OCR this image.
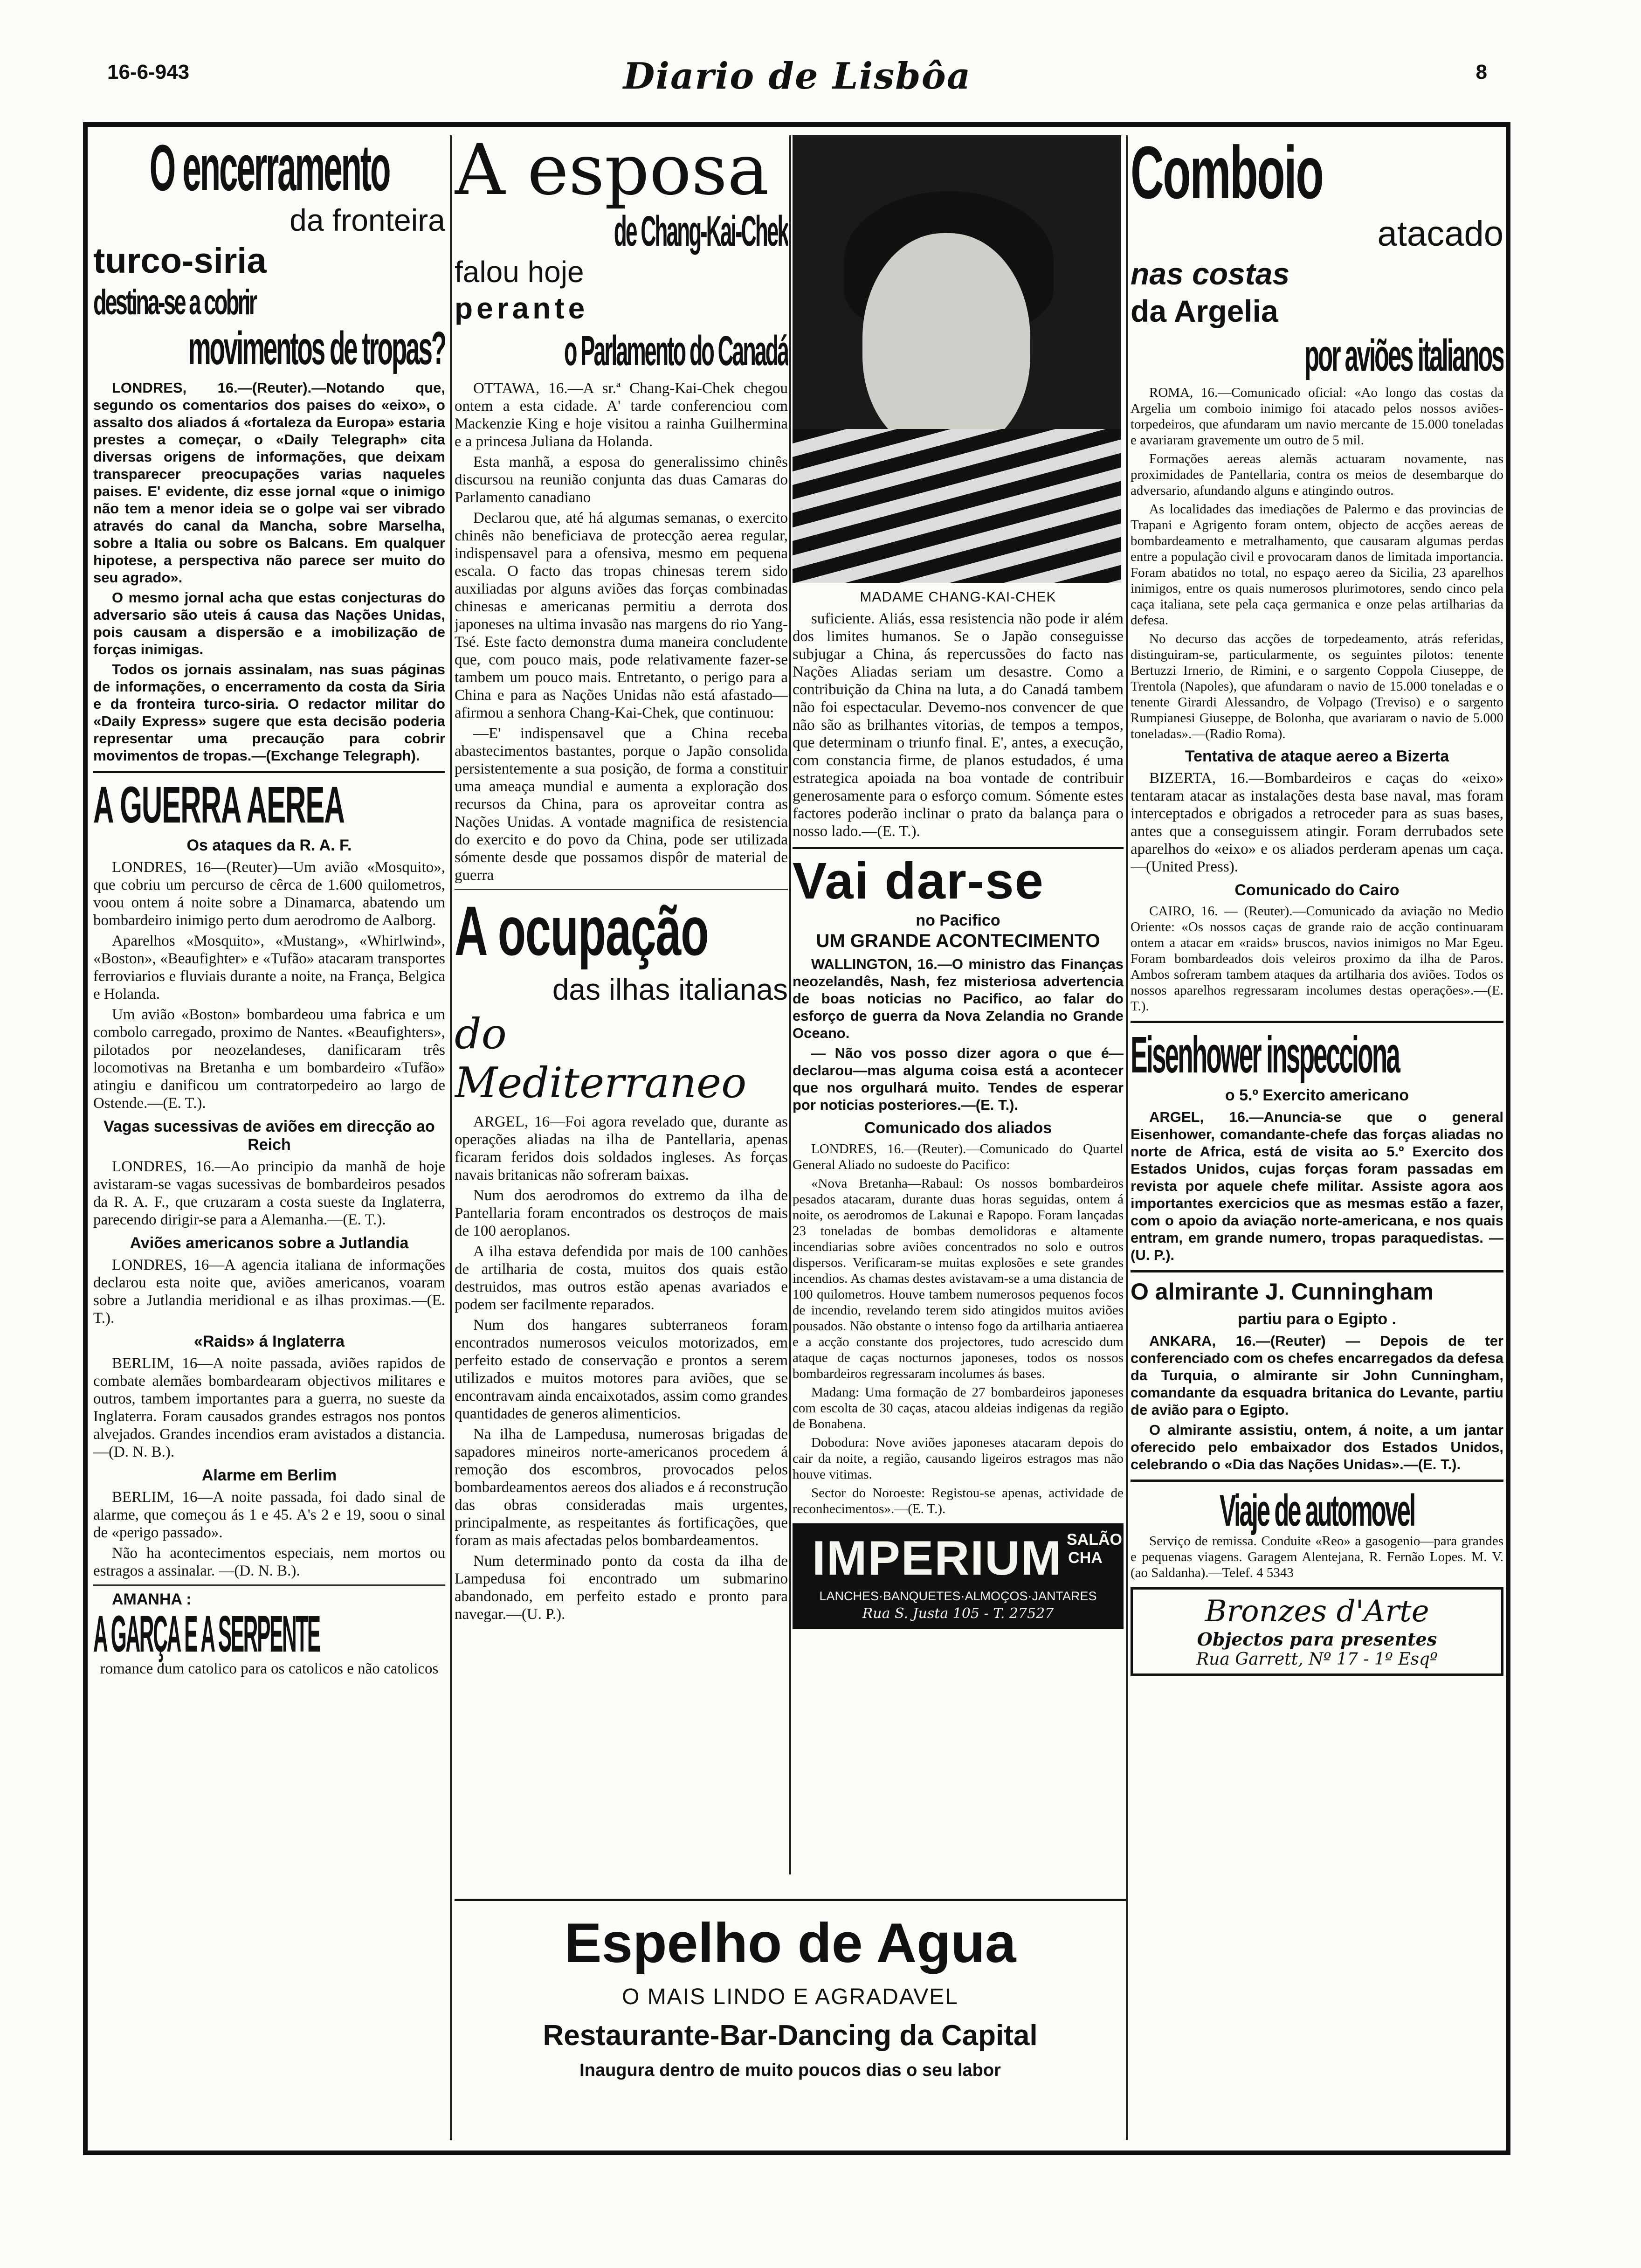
16-6-943	Diario de Lisbôa	8
O encerramento
da fronteira
turco-siria
destina-se a cobrir
movimentos de tropas?

LONDRES, 16.—(Reuter).—Notando que, segundo os comentarios dos paises do «eixo», o assalto dos aliados á «fortaleza da Europa» estaria prestes a começar, o «Daily Telegraph» cita diversas origens de informações, que deixam transparecer preocupações varias naqueles paises. E' evidente, diz esse jornal «que o inimigo não tem a menor ideia se o golpe vai ser vibrado através do canal da Mancha, sobre Marselha, sobre a Italia ou sobre os Balcans. Em qualquer hipotese, a perspectiva não parece ser muito do seu agrado».

O mesmo jornal acha que estas conjecturas do adversario são uteis á causa das Nações Unidas, pois causam a dispersão e a imobilização de forças inimigas.

Todos os jornais assinalam, nas suas páginas de informações, o encerramento da costa da Siria e da fronteira turco-siria. O redactor militar do «Daily Express» sugere que esta decisão poderia representar uma precaução para cobrir movimentos de tropas.—(Exchange Telegraph).

A GUERRA AEREA
Os ataques da R. A. F.

LONDRES, 16—(Reuter)—Um avião «Mosquito», que cobriu um percurso de cêrca de 1.600 quilometros, voou ontem á noite sobre a Dinamarca, abatendo um bombardeiro inimigo perto dum aerodromo de Aalborg.

Aparelhos «Mosquito», «Mustang», «Whirlwind», «Boston», «Beaufighter» e «Tufão» atacaram transportes ferroviarios e fluviais durante a noite, na França, Belgica e Holanda.

Um avião «Boston» bombardeou uma fabrica e um combolo carregado, proximo de Nantes. «Beaufighters», pilotados por neozelandeses, danificaram três locomotivas na Bretanha e um bombardeiro «Tufão» atingiu e danificou um contratorpedeiro ao largo de Ostende.—(E. T.).

Vagas sucessivas de aviões em direcção ao Reich

LONDRES, 16.—Ao principio da manhã de hoje avistaram-se vagas sucessivas de bombardeiros pesados da R. A. F., que cruzaram a costa sueste da Inglaterra, parecendo dirigir-se para a Alemanha.—(E. T.).

Aviões americanos sobre a Jutlandia

LONDRES, 16—A agencia italiana de informações declarou esta noite que, aviões americanos, voaram sobre a Jutlandia meridional e as ilhas proximas.—(E. T.).

«Raids» á Inglaterra

BERLIM, 16—A noite passada, aviões rapidos de combate alemães bombardearam objectivos militares e outros, tambem importantes para a guerra, no sueste da Inglaterra. Foram causados grandes estragos nos pontos alvejados. Grandes incendios eram avistados a distancia.—(D. N. B.).

Alarme em Berlim

BERLIM, 16—A noite passada, foi dado sinal de alarme, que começou ás 1 e 45. A's 2 e 19, soou o sinal de «perigo passado».

Não ha acontecimentos especiais, nem mortos ou estragos a assinalar. —(D. N. B.).

AMANHA :
A GARÇA E A SERPENTE

romance dum catolico para os catolicos e não catolicos

A esposa
de Chang-Kai-Chek
falou hoje
perante
o Parlamento do Canadá

OTTAWA, 16.—A sr.ª Chang-Kai-Chek chegou ontem a esta cidade. A' tarde conferenciou com Mackenzie King e hoje visitou a rainha Guilhermina e a princesa Juliana da Holanda.

Esta manhã, a esposa do generalissimo chinês discursou na reunião conjunta das duas Camaras do Parlamento canadiano

Declarou que, até há algumas semanas, o exercito chinês não beneficiava de protecção aerea regular, indispensavel para a ofensiva, mesmo em pequena escala. O facto das tropas chinesas terem sido auxiliadas por alguns aviões das forças combinadas chinesas e americanas permitiu a derrota dos japoneses na ultima invasão nas margens do rio Yang-Tsé. Este facto demonstra duma maneira concludente que, com pouco mais, pode relativamente fazer-se tambem um pouco mais. Entretanto, o perigo para a China e para as Nações Unidas não está afastado—afirmou a senhora Chang-Kai-Chek, que continuou:

—E' indispensavel que a China receba abastecimentos bastantes, porque o Japão consolida persistentemente a sua posição, de forma a constituir uma ameaça mundial e aumenta a exploração dos recursos da China, para os aproveitar contra as Nações Unidas. A vontade magnifica de resistencia do exercito e do povo da China, pode ser utilizada sómente desde que possamos dispôr de material de guerra

A ocupação
das ilhas italianas
do Mediterraneo

ARGEL, 16—Foi agora revelado que, durante as operações aliadas na ilha de Pantellaria, apenas ficaram feridos dois soldados ingleses. As forças navais britanicas não sofreram baixas.

Num dos aerodromos do extremo da ilha de Pantellaria foram encontrados os destroços de mais de 100 aeroplanos.

A ilha estava defendida por mais de 100 canhões de artilharia de costa, muitos dos quais estão destruidos, mas outros estão apenas avariados e podem ser facilmente reparados.

Num dos hangares subterraneos foram encontrados numerosos veiculos motorizados, em perfeito estado de conservação e prontos a serem utilizados e muitos motores para aviões, que se encontravam ainda encaixotados, assim como grandes quantidades de generos alimenticios.

Na ilha de Lampedusa, numerosas brigadas de sapadores mineiros norte-americanos procedem á remoção dos escombros, provocados pelos bombardeamentos aereos dos aliados e á reconstrução das obras consideradas mais urgentes, principalmente, as respeitantes ás fortificações, que foram as mais afectadas pelos bombardeamentos.

Num determinado ponto da costa da ilha de Lampedusa foi encontrado um submarino abandonado, em perfeito estado e pronto para navegar.—(U. P.).

MADAME CHANG-KAI-CHEK

suficiente. Aliás, essa resistencia não pode ir além dos limites humanos. Se o Japão conseguisse subjugar a China, ás repercussões do facto nas Nações Aliadas seriam um desastre. Como a contribuição da China na luta, a do Canadá tambem não foi espectacular. Devemo-nos convencer de que não são as brilhantes vitorias, de tempos a tempos, que determinam o triunfo final. E', antes, a execução, com constancia firme, de planos estudados, é uma estrategica apoiada na boa vontade de contribuir generosamente para o esforço comum. Sómente estes factores poderão inclinar o prato da balança para o nosso lado.—(E. T.).

Vai dar-se
no Pacifico
UM GRANDE ACONTECIMENTO

WALLINGTON, 16.—O ministro das Finanças neozelandês, Nash, fez misteriosa advertencia de boas noticias no Pacifico, ao falar do esforço de guerra da Nova Zelandia no Grande Oceano.

— Não vos posso dizer agora o que é—declarou—mas alguma coisa está a acontecer que nos orgulhará muito. Tendes de esperar por noticias posteriores.—(E. T.).

Comunicado dos aliados

LONDRES, 16.—(Reuter).—Comunicado do Quartel General Aliado no sudoeste do Pacifico:

«Nova Bretanha—Rabaul: Os nossos bombardeiros pesados atacaram, durante duas horas seguidas, ontem á noite, os aerodromos de Lakunai e Rapopo. Foram lançadas 23 toneladas de bombas demolidoras e altamente incendiarias sobre aviões concentrados no solo e outros dispersos. Verificaram-se muitas explosões e sete grandes incendios. As chamas destes avistavam-se a uma distancia de 100 quilometros. Houve tambem numerosos pequenos focos de incendio, revelando terem sido atingidos muitos aviões pousados. Não obstante o intenso fogo da artilharia antiaerea e a acção constante dos projectores, tudo acrescido dum ataque de caças nocturnos japoneses, todos os nossos bombardeiros regressaram incolumes ás bases.

Madang: Uma formação de 27 bombardeiros japoneses com escolta de 30 caças, atacou aldeias indigenas da região de Bonabena.

Dobodura: Nove aviões japoneses atacaram depois do cair da noite, a região, causando ligeiros estragos mas não houve vitimas.

Sector do Noroeste: Registou-se apenas, actividade de reconhecimentos».—(E. T.).

IMPERIUM SALÃO CHA
LANCHES·BANQUETES·ALMOÇOS·JANTARES
Rua S. Justa 105 - T. 27527
Espelho de Agua
O MAIS LINDO E AGRADAVEL
Restaurante-Bar-Dancing da Capital
Inaugura dentro de muito poucos dias o seu labor
Comboio
atacado
nas costas
da Argelia
por aviões italianos

ROMA, 16.—Comunicado oficial: «Ao longo das costas da Argelia um comboio inimigo foi atacado pelos nossos aviões-torpedeiros, que afundaram um navio mercante de 15.000 toneladas e avariaram gravemente um outro de 5 mil.

Formações aereas alemãs actuaram novamente, nas proximidades de Pantellaria, contra os meios de desembarque do adversario, afundando alguns e atingindo outros.

As localidades das imediações de Palermo e das provincias de Trapani e Agrigento foram ontem, objecto de acções aereas de bombardeamento e metralhamento, que causaram algumas perdas entre a população civil e provocaram danos de limitada importancia. Foram abatidos no total, no espaço aereo da Sicilia, 23 aparelhos inimigos, entre os quais numerosos plurimotores, sendo cinco pela caça italiana, sete pela caça germanica e onze pelas artilharias da defesa.

No decurso das acções de torpedeamento, atrás referidas, distinguiram-se, particularmente, os seguintes pilotos: tenente Bertuzzi Irnerio, de Rimini, e o sargento Coppola Ciuseppe, de Trentola (Napoles), que afundaram o navio de 15.000 toneladas e o tenente Girardi Alessandro, de Volpago (Treviso) e o sargento Rumpianesi Giuseppe, de Bolonha, que avariaram o navio de 5.000 toneladas».—(Radio Roma).

Tentativa de ataque aereo a Bizerta

BIZERTA, 16.—Bombardeiros e caças do «eixo» tentaram atacar as instalações desta base naval, mas foram interceptados e obrigados a retroceder para as suas bases, antes que a conseguissem atingir. Foram derrubados sete aparelhos do «eixo» e os aliados perderam apenas um caça.—(United Press).

Comunicado do Cairo

CAIRO, 16. — (Reuter).—Comunicado da aviação no Medio Oriente: «Os nossos caças de grande raio de acção continuaram ontem a atacar em «raids» bruscos, navios inimigos no Mar Egeu. Foram bombardeados dois veleiros proximo da ilha de Paros. Ambos sofreram tambem ataques da artilharia dos aviões. Todos os nossos aparelhos regressaram incolumes destas operações».—(E. T.).

Eisenhower inspecciona
o 5.º Exercito americano

ARGEL, 16.—Anuncia-se que o general Eisenhower, comandante-chefe das forças aliadas no norte de Africa, está de visita ao 5.º Exercito dos Estados Unidos, cujas forças foram passadas em revista por aquele chefe militar. Assiste agora aos importantes exercicios que as mesmas estão a fazer, com o apoio da aviação norte-americana, e nos quais entram, em grande numero, tropas paraquedistas. —(U. P.).

O almirante J. Cunningham
partiu para o Egipto .

ANKARA, 16.—(Reuter) — Depois de ter conferenciado com os chefes encarregados da defesa da Turquia, o almirante sir John Cunningham, comandante da esquadra britanica do Levante, partiu de avião para o Egipto.

O almirante assistiu, ontem, á noite, a um jantar oferecido pelo embaixador dos Estados Unidos, celebrando o «Dia das Nações Unidas».—(E. T.).

Viaje de automovel

Serviço de remissa. Conduite «Reo» a gasogenio—para grandes e pequenas viagens. Garagem Alentejana, R. Fernão Lopes. M. V. (ao Saldanha).—Telef. 4 5343

Bronzes d'Arte
Objectos para presentes
Rua Garrett, Nº 17 - 1º Esqº
